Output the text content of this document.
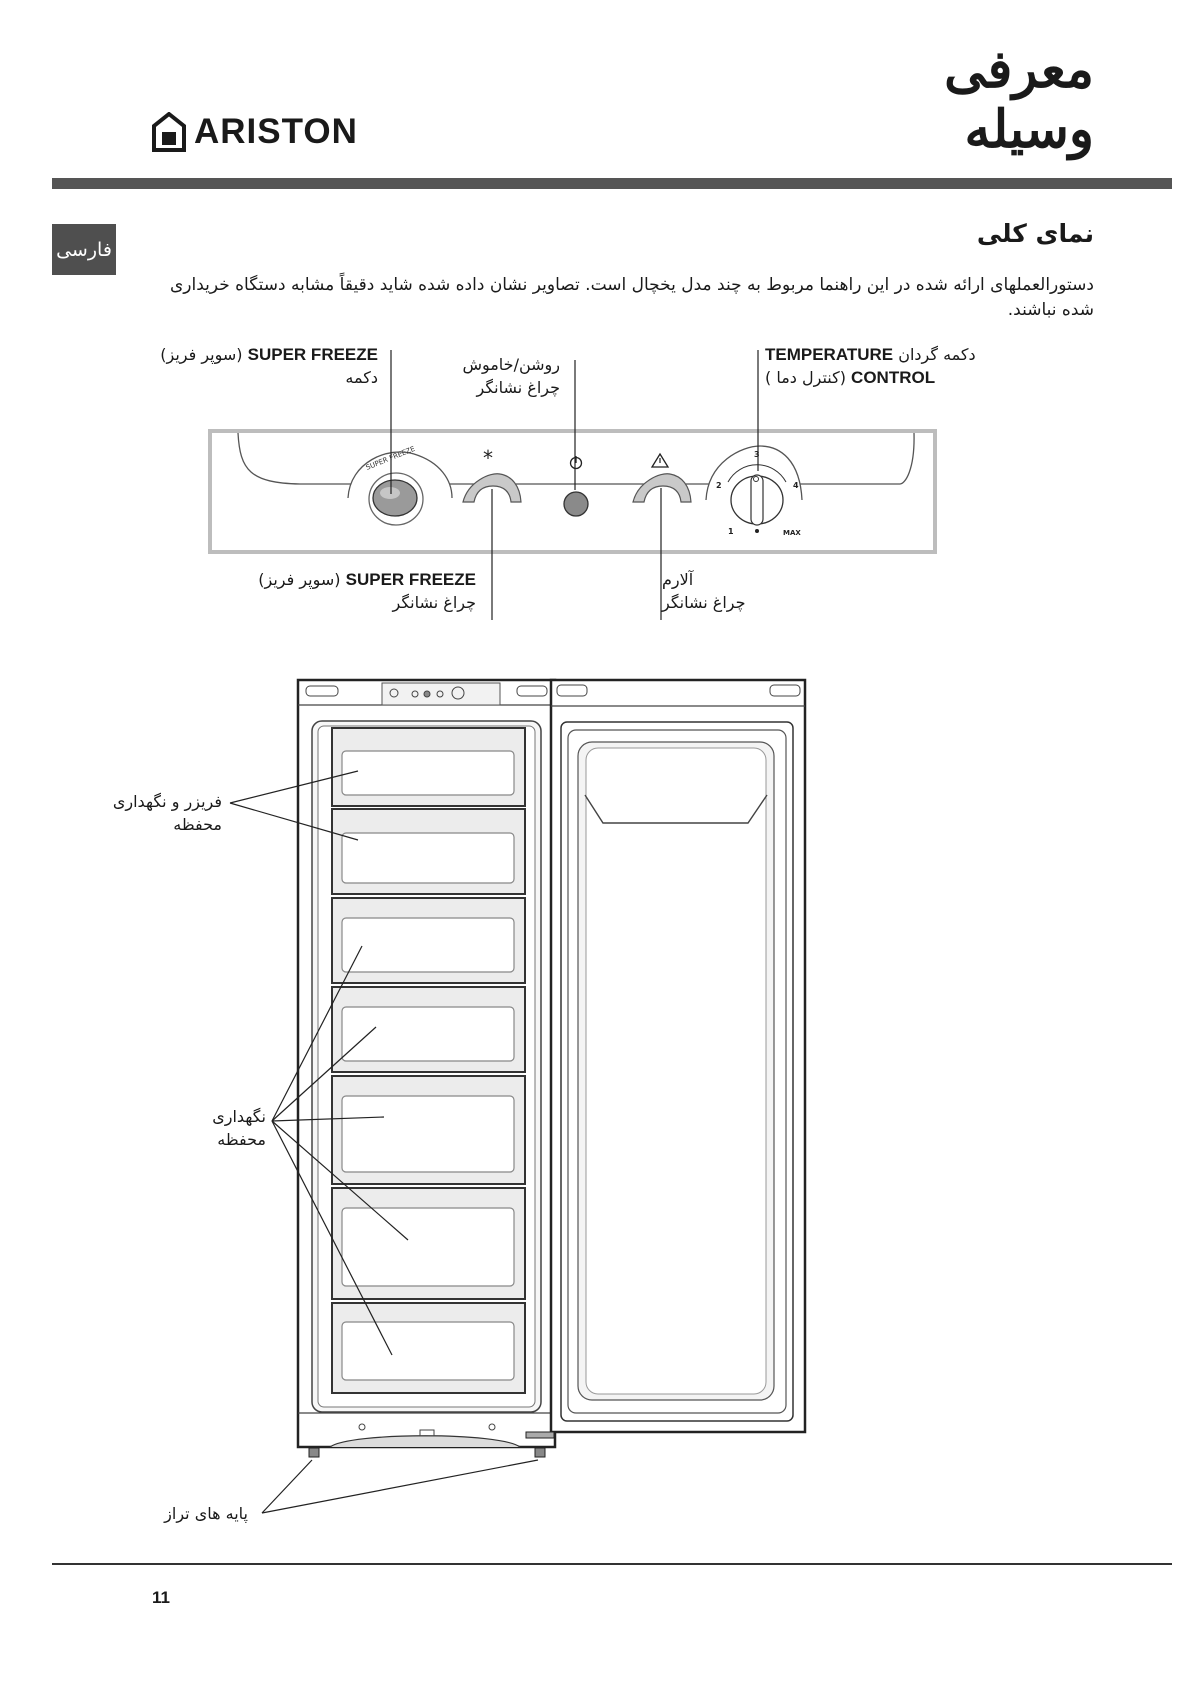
معرفی
وسیله
ARISTON
فارسی
نمای کلی
دستورالعملهای ارائه شده در این راهنما مربوط به چند مدل یخچال است. تصاویر نشان داده شده شاید دقیقاً مشابه دستگاه خریداری شده نباشند.
(سوپر فریز) SUPER FREEZE
دکمه
روشن/خاموش
چراغ نشانگر
TEMPERATURE دکمه گردان
(کنترل دما ) CONTROL
(سوپر فریز) SUPER FREEZE
چراغ نشانگر
آلارم
چراغ نشانگر
فریزر و نگهداری
محفظه
نگهداری
محفظه
پایه های تراز
SUPER FREEZE	*
1
2
3
4
MAX
11
